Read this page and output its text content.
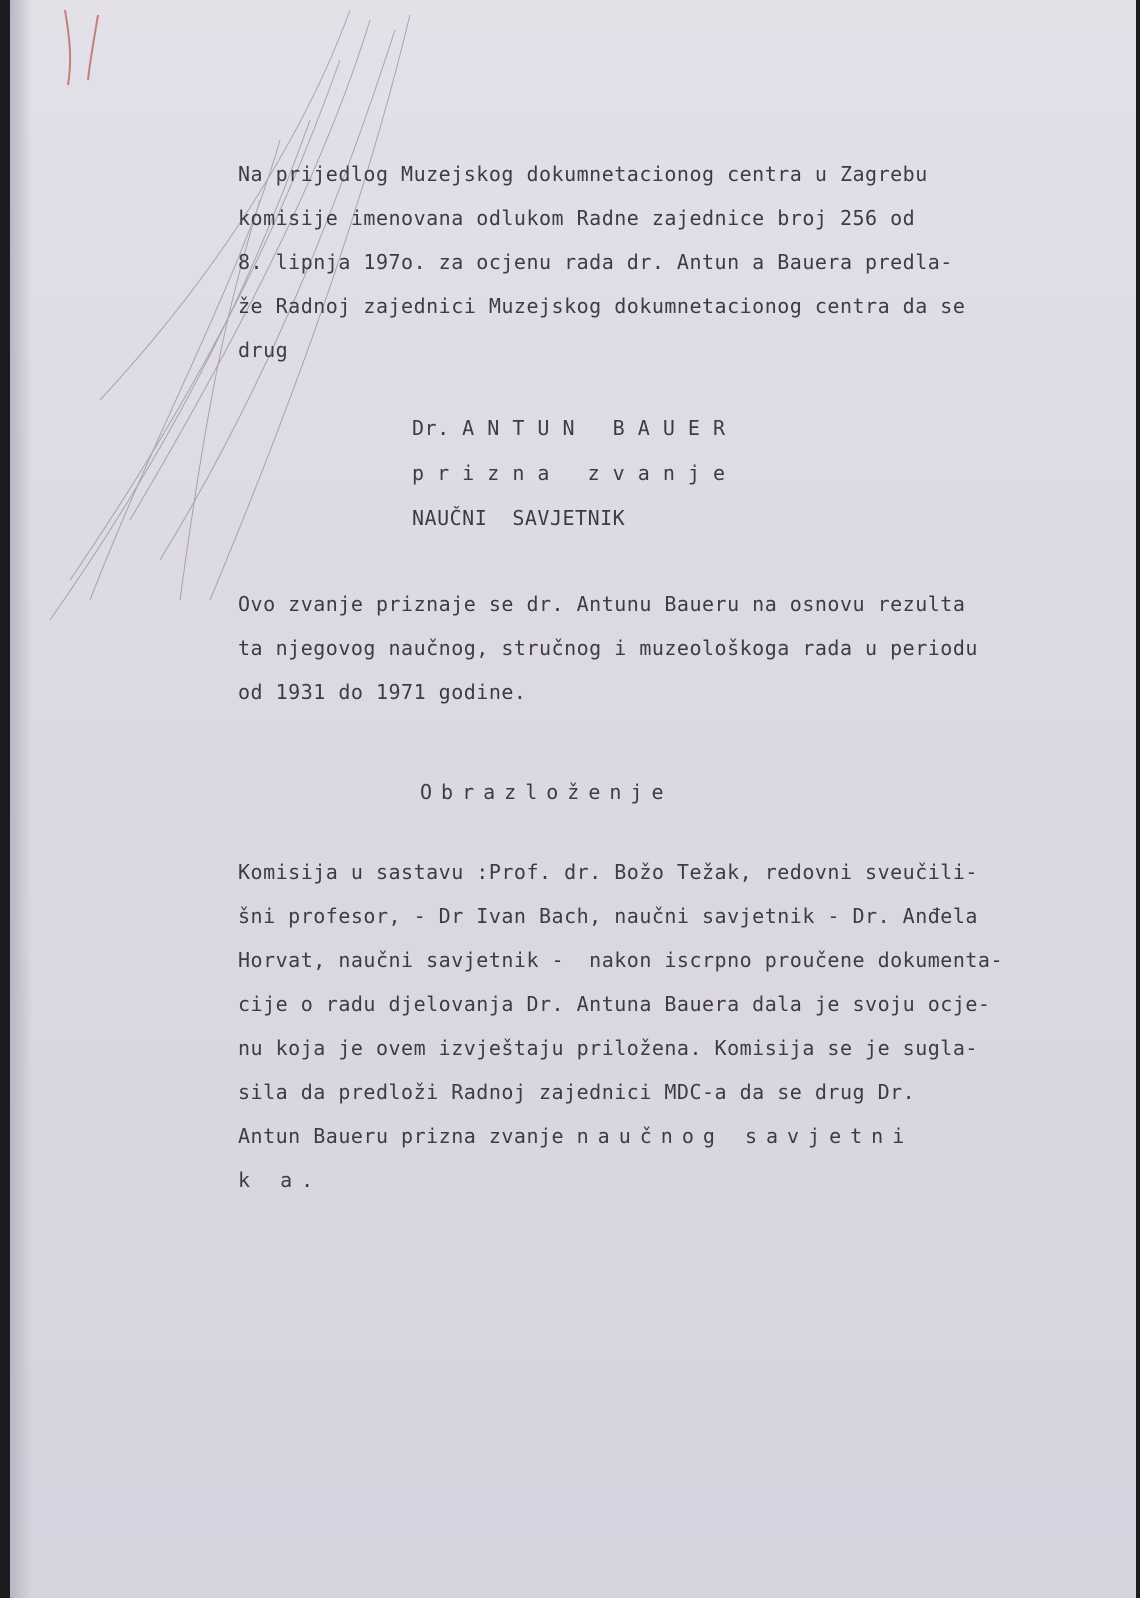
Na prijedlog Muzejskog dokumnetacionog centra u Zagrebu
komisije imenovana odlukom Radne zajednice broj 256 od
8. lipnja 197o. za ocjenu rada dr. Antun a Bauera predla-
že Radnoj zajednici Muzejskog dokumnetacionog centra da se
drug

Dr. A N T U N   B A U E R
p r i z n a   z v a n j e
NAUČNI  SAVJETNIK

Ovo zvanje priznaje se dr. Antunu Baueru na osnovu rezulta
ta njegovog naučnog, stručnog i muzeološkoga rada u periodu
od 1931 do 1971 godine.

Obrazloženje

Komisija u sastavu :Prof. dr. Božo Težak, redovni sveučili-
šni profesor, - Dr Ivan Bach, naučni savjetnik - Dr. Anđela
Horvat, naučni savjetnik -  nakon iscrpno proučene dokumenta-
cije o radu djelovanja Dr. Antuna Bauera dala je svoju ocje-
nu koja je ovem izvještaju priložena. Komisija se je sugla-
sila da predloži Radnoj zajednici MDC-a da se drug Dr.
Antun Baueru prizna zvanje naučnog savjetni
k a.
